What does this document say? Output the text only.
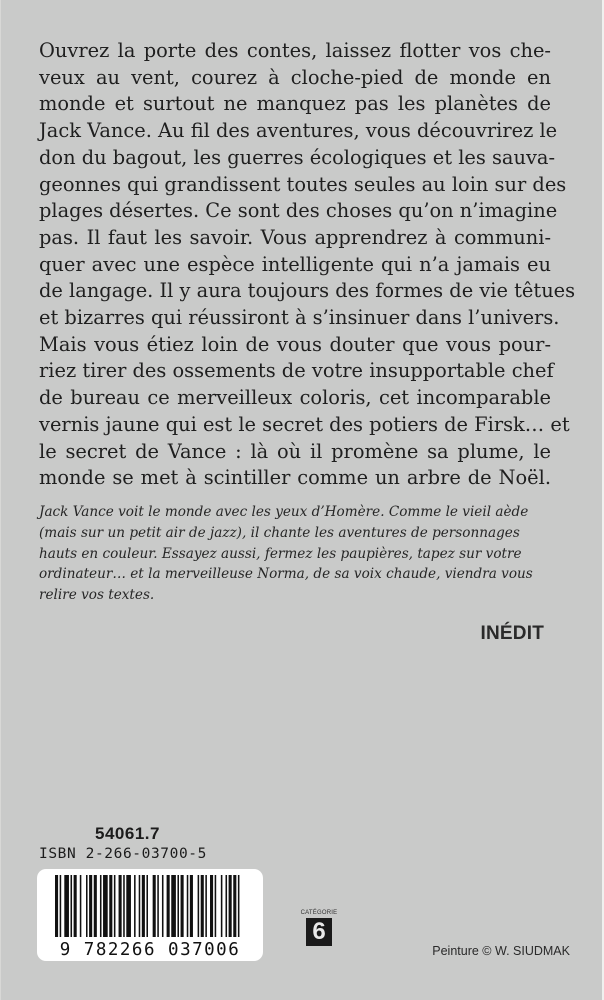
Ouvrez la porte des contes, laissez flotter vos che-
veux au vent, courez à cloche-pied de monde en
monde et surtout ne manquez pas les planètes de
Jack Vance. Au fil des aventures, vous découvrirez le
don du bagout, les guerres écologiques et les sauva-
geonnes qui grandissent toutes seules au loin sur des
plages désertes. Ce sont des choses qu’on n’imagine
pas. Il faut les savoir. Vous apprendrez à communi-
quer avec une espèce intelligente qui n’a jamais eu
de langage. Il y aura toujours des formes de vie têtues
et bizarres qui réussiront à s’insinuer dans l’univers.
Mais vous étiez loin de vous douter que vous pour-
riez tirer des ossements de votre insupportable chef
de bureau ce merveilleux coloris, cet incomparable
vernis jaune qui est le secret des potiers de Firsk… et
le secret de Vance : là où il promène sa plume, le
monde se met à scintiller comme un arbre de Noël.
Jack Vance voit le monde avec les yeux d’Homère. Comme le vieil aède
(mais sur un petit air de jazz), il chante les aventures de personnages
hauts en couleur. Essayez aussi, fermez les paupières, tapez sur votre
ordinateur… et la merveilleuse Norma, de sa voix chaude, viendra vous
relire vos textes.
INÉDIT
54061.7
ISBN 2-266-03700-5
9 782266 037006
CATÉGORIE
6
Peinture © W. SIUDMAK
